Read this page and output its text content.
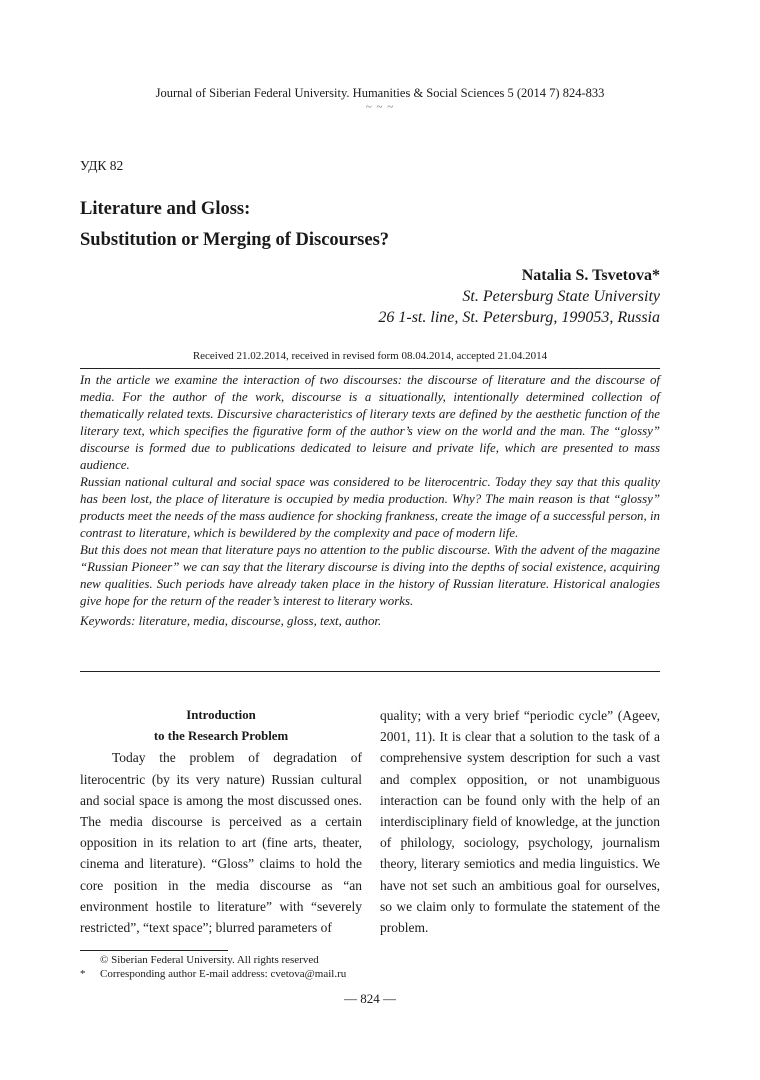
Journal of Siberian Federal University. Humanities & Social Sciences 5 (2014 7) 824-833
~ ~ ~
УДК 82
Literature and Gloss:
Substitution or Merging of Discourses?
Natalia S. Tsvetova*
St. Petersburg State University
26 1-st. line, St. Petersburg, 199053, Russia
Received 21.02.2014, received in revised form 08.04.2014, accepted 21.04.2014

In the article we examine the interaction of two discourses: the discourse of literature and the discourse of media. For the author of the work, discourse is a situationally, intentionally determined collection of thematically related texts. Discursive characteristics of literary texts are defined by the aesthetic function of the literary text, which specifies the figurative form of the author’s view on the world and the man. The “glossy” discourse is formed due to publications dedicated to leisure and private life, which are presented to mass audience.

Russian national cultural and social space was considered to be literocentric. Today they say that this quality has been lost, the place of literature is occupied by media production. Why? The main reason is that “glossy” products meet the needs of the mass audience for shocking frankness, create the image of a successful person, in contrast to literature, which is bewildered by the complexity and pace of modern life.

But this does not mean that literature pays no attention to the public discourse. With the advent of the magazine “Russian Pioneer” we can say that the literary discourse is diving into the depths of social existence, acquiring new qualities. Such periods have already taken place in the history of Russian literature. Historical analogies give hope for the return of the reader’s interest to literary works.

Keywords: literature, media, discourse, gloss, text, author.

Introduction
to the Research Problem

Today the problem of degradation of literocentric (by its very nature) Russian cultural and social space is among the most discussed ones. The media discourse is perceived as a certain opposition in its relation to art (fine arts, theater, cinema and literature). “Gloss” claims to hold the core position in the media discourse as “an environment hostile to literature” with “severely restricted”, “text space”; blurred parameters of

quality; with a very brief “periodic cycle” (Ageev, 2001, 11). It is clear that a solution to the task of a comprehensive system description for such a vast and complex opposition, or not unambiguous interaction can be found only with the help of an interdisciplinary field of knowledge, at the junction of philology, sociology, psychology, journalism theory, literary semiotics and media linguistics. We have not set such an ambitious goal for ourselves, so we claim only to formulate the statement of the problem.

© Siberian Federal University. All rights reserved
* Corresponding author E-mail address: cvetova@mail.ru
— 824 —
